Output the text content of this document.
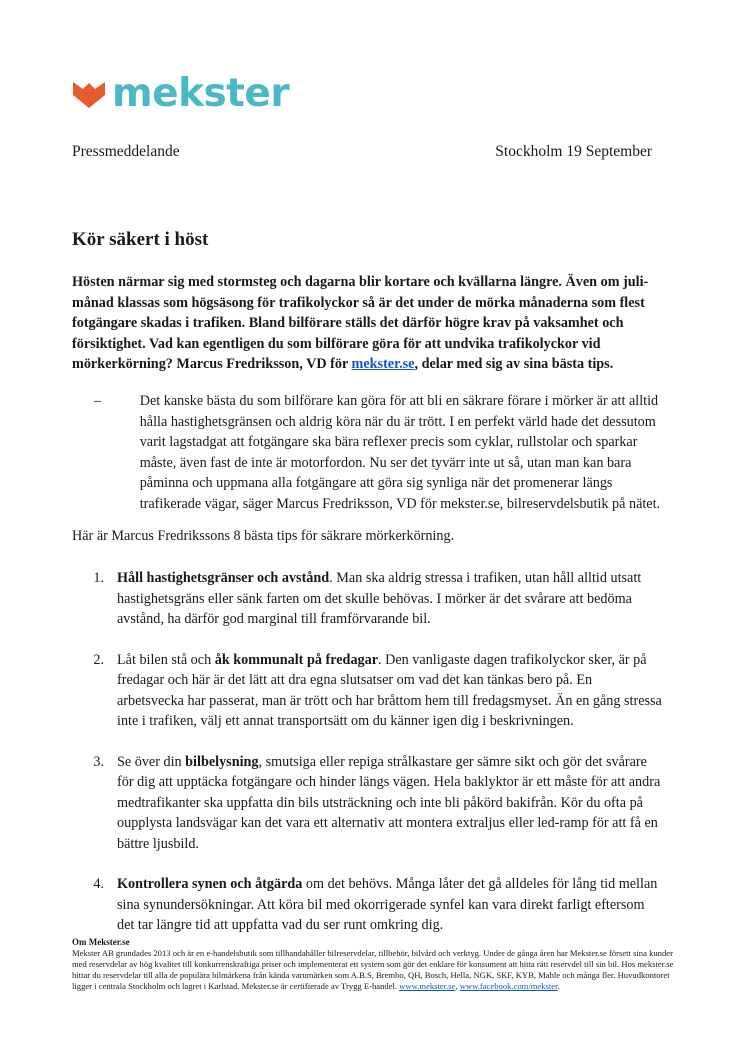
mekster
Pressmeddelande	Stockholm 19 September
Kör säkert i höst

Hösten närmar sig med stormsteg och dagarna blir kortare och kvällarna längre. Även om juli-månad klassas som högsäsong för trafikolyckor så är det under de mörka månaderna som flest fotgängare skadas i trafiken. Bland bilförare ställs det därför högre krav på vaksamhet och försiktighet. Vad kan egentligen du som bilförare göra för att undvika trafikolyckor vid mörkerkörning? Marcus Fredriksson, VD för mekster.se, delar med sig av sina bästa tips.

–	Det kanske bästa du som bilförare kan göra för att bli en säkrare förare i mörker är att alltid hålla hastighetsgränsen och aldrig köra när du är trött. I en perfekt värld hade det dessutom varit lagstadgat att fotgängare ska bära reflexer precis som cyklar, rullstolar och sparkar måste, även fast de inte är motorfordon. Nu ser det tyvärr inte ut så, utan man kan bara påminna och uppmana alla fotgängare att göra sig synliga när det promenerar längs trafikerade vägar, säger Marcus Fredriksson, VD för mekster.se, bilreservdelsbutik på nätet.

Här är Marcus Fredrikssons 8 bästa tips för säkrare mörkerkörning.

1. Håll hastighetsgränser och avstånd. Man ska aldrig stressa i trafiken, utan håll alltid utsatt hastighetsgräns eller sänk farten om det skulle behövas. I mörker är det svårare att bedöma avstånd, ha därför god marginal till framförvarande bil.

2. Låt bilen stå och åk kommunalt på fredagar. Den vanligaste dagen trafikolyckor sker, är på fredagar och här är det lätt att dra egna slutsatser om vad det kan tänkas bero på. En arbetsvecka har passerat, man är trött och har bråttom hem till fredagsmyset. Än en gång stressa inte i trafiken, välj ett annat transportsätt om du känner igen dig i beskrivningen.

3. Se över din bilbelysning, smutsiga eller repiga strålkastare ger sämre sikt och gör det svårare för dig att upptäcka fotgängare och hinder längs vägen. Hela baklyktor är ett måste för att andra medtrafikanter ska uppfatta din bils utsträckning och inte bli påkörd bakifrån. Kör du ofta på oupplysta landsvägar kan det vara ett alternativ att montera extraljus eller led-ramp för att få en bättre ljusbild.

4. Kontrollera synen och åtgärda om det behövs. Många låter det gå alldeles för lång tid mellan sina synundersökningar. Att köra bil med okorrigerade synfel kan vara direkt farligt eftersom det tar längre tid att uppfatta vad du ser runt omkring dig.

Om Mekster.se
Mekster AB grundades 2013 och är en e-handelsbutik som tillhandahåller bilreservdelar, tillbehör, bilvård och verktyg. Under de gånga åren har Mekster.se försett sina kunder med reservdelar av hög kvalitet till konkurrenskraftiga priser och implementerat ett system som gör det enklare för konsument att hitta rätt reservdel till sin bil. Hos mekster.se hittar du reservdelar till alla de populära bilmärkena från kända varumärken som A.B.S, Brembo, QH, Bosch, Hella, NGK, SKF, KYB, Mahle och många fler. Huvudkontoret ligger i centrala Stockholm och lagret i Karlstad. Mekster.se är certifierade av Trygg E-handel. www.mekster.se, www.facebook.com/mekster.
